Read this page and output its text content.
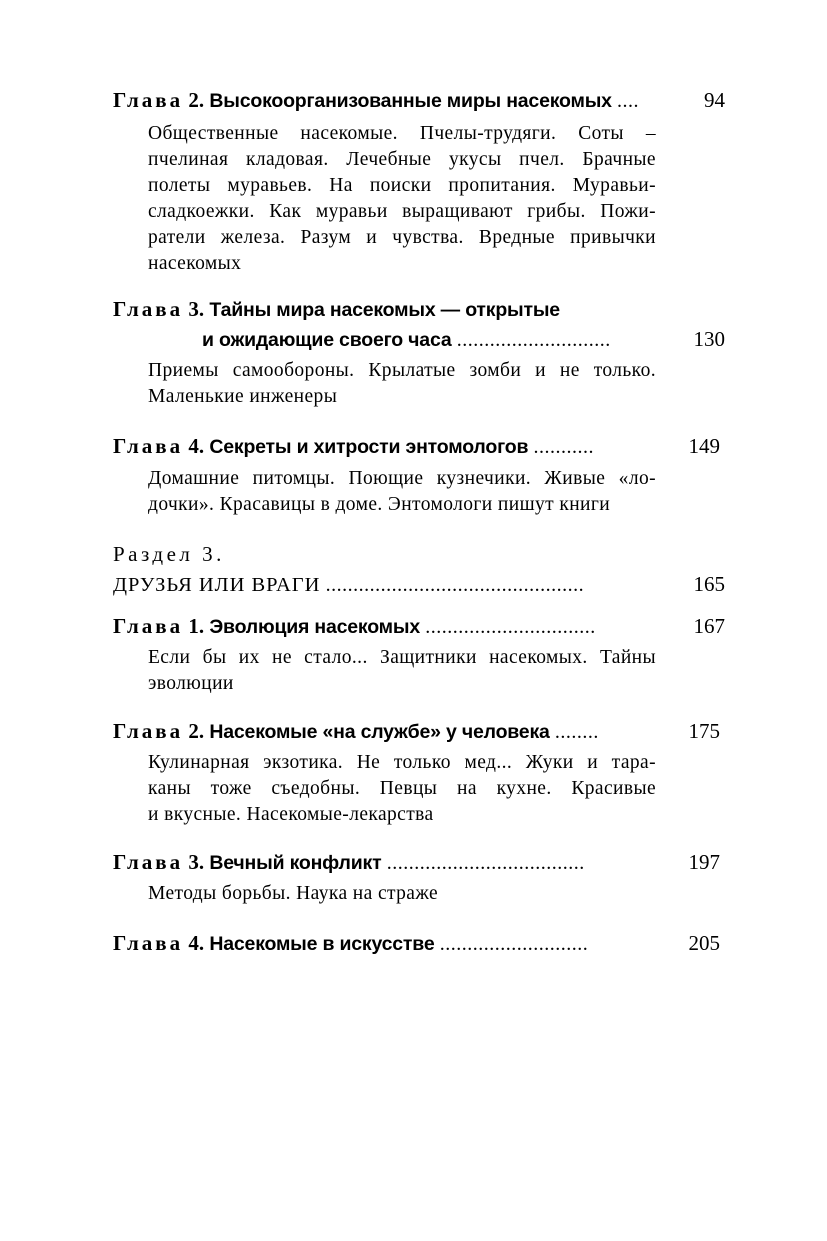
Глава 2. Высокоорганизованные миры насекомых ....	94
Общественные насекомые. Пчелы-трудяги. Соты –
пчелиная кладовая. Лечебные укусы пчел. Брачные
полеты муравьев. На поиски пропитания. Муравьи-
сладкоежки. Как муравьи выращивают грибы. Пожи-
ратели железа. Разум и чувства. Вредные привычки
насекомых
Глава 3. Тайны мира насекомых — открытые
и ожидающие своего часа ............................	130
Приемы самообороны. Крылатые зомби и не только.
Маленькие инженеры
Глава 4. Секреты и хитрости энтомологов ...........	149
Домашние питомцы. Поющие кузнечики. Живые «ло-
дочки». Красавицы в доме. Энтомологи пишут книги
Раздел 3.
ДРУЗЬЯ ИЛИ ВРАГИ ...............................................	165
Глава 1. Эволюция насекомых ...............................	167
Если бы их не стало... Защитники насекомых. Тайны
эволюции
Глава 2. Насекомые «на службе» у человека ........	175
Кулинарная экзотика. Не только мед... Жуки и тара-
каны тоже съедобны. Певцы на кухне. Красивые
и вкусные. Насекомые-лекарства
Глава 3. Вечный конфликт ....................................	197
Методы борьбы. Наука на страже
Глава 4. Насекомые в искусстве ...........................	205
